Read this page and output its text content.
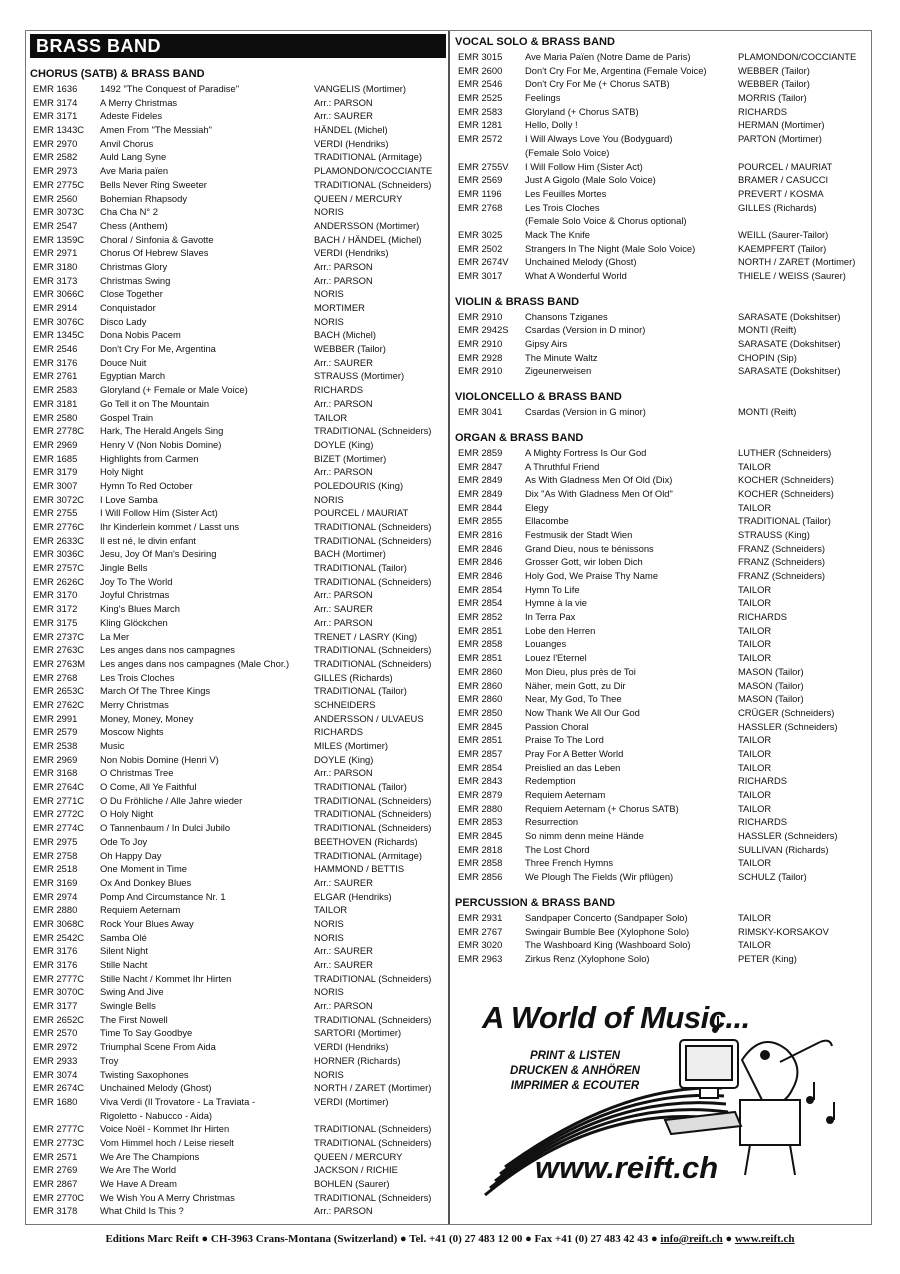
BRASS BAND
CHORUS (SATB) & BRASS BAND
EMR 1636	1492 "The Conquest of Paradise"	VANGELIS (Mortimer)
EMR 3174	A Merry Christmas	Arr.: PARSON
EMR 3171	Adeste Fideles	Arr.: SAURER
EMR 1343C	Amen From "The Messiah"	HÄNDEL (Michel)
EMR 2970	Anvil Chorus	VERDI (Hendriks)
EMR 2582	Auld Lang Syne	TRADITIONAL (Armitage)
EMR 2973	Ave Maria païen	PLAMONDON/COCCIANTE
EMR 2775C	Bells Never Ring Sweeter	TRADITIONAL (Schneiders)
EMR 2560	Bohemian Rhapsody	QUEEN / MERCURY
EMR 3073C	Cha Cha N° 2	NORIS
EMR 2547	Chess (Anthem)	ANDERSSON (Mortimer)
EMR 1359C	Choral / Sinfonia & Gavotte	BACH / HÄNDEL (Michel)
EMR 2971	Chorus Of Hebrew Slaves	VERDI (Hendriks)
EMR 3180	Christmas Glory	Arr.: PARSON
EMR 3173	Christmas Swing	Arr.: PARSON
EMR 3066C	Close Together	NORIS
EMR 2914	Conquistador	MORTIMER
EMR 3076C	Disco Lady	NORIS
EMR 1345C	Dona Nobis Pacem	BACH (Michel)
EMR 2546	Don't Cry For Me, Argentina	WEBBER (Tailor)
EMR 3176	Douce Nuit	Arr.: SAURER
EMR 2761	Egyptian March	STRAUSS (Mortimer)
EMR 2583	Gloryland (+ Female or Male Voice)	RICHARDS
EMR 3181	Go Tell it on The Mountain	Arr.: PARSON
EMR 2580	Gospel Train	TAILOR
EMR 2778C	Hark, The Herald Angels Sing	TRADITIONAL (Schneiders)
EMR 2969	Henry V (Non Nobis Domine)	DOYLE (King)
EMR 1685	Highlights from Carmen	BIZET (Mortimer)
EMR 3179	Holy Night	Arr.: PARSON
EMR 3007	Hymn To Red October	POLEDOURIS (King)
EMR 3072C	I Love Samba	NORIS
EMR 2755	I Will Follow Him (Sister Act)	POURCEL / MAURIAT
EMR 2776C	Ihr Kinderlein kommet / Lasst uns	TRADITIONAL (Schneiders)
EMR 2633C	Il est né, le divin enfant	TRADITIONAL (Schneiders)
EMR 3036C	Jesu, Joy Of Man's Desiring	BACH (Mortimer)
EMR 2757C	Jingle Bells	TRADITIONAL (Tailor)
EMR 2626C	Joy To The World	TRADITIONAL (Schneiders)
EMR 3170	Joyful Christmas	Arr.: PARSON
EMR 3172	King's Blues March	Arr.: SAURER
EMR 3175	Kling Glöckchen	Arr.: PARSON
EMR 2737C	La Mer	TRENET / LASRY (King)
EMR 2763C	Les anges dans nos campagnes	TRADITIONAL (Schneiders)
EMR 2763M	Les anges dans nos campagnes (Male Chor.)	TRADITIONAL (Schneiders)
EMR 2768	Les Trois Cloches	GILLES (Richards)
EMR 2653C	March Of The Three Kings	TRADITIONAL (Tailor)
EMR 2762C	Merry Christmas	SCHNEIDERS
EMR 2991	Money, Money, Money	ANDERSSON / ULVAEUS
EMR 2579	Moscow Nights	RICHARDS
EMR 2538	Music	MILES (Mortimer)
EMR 2969	Non Nobis Domine (Henri V)	DOYLE (King)
EMR 3168	O Christmas Tree	Arr.: PARSON
EMR 2764C	O Come, All Ye Faithful	TRADITIONAL (Tailor)
EMR 2771C	O Du Fröhliche / Alle Jahre wieder	TRADITIONAL (Schneiders)
EMR 2772C	O Holy Night	TRADITIONAL (Schneiders)
EMR 2774C	O Tannenbaum / In Dulci Jubilo	TRADITIONAL (Schneiders)
EMR 2975	Ode To Joy	BEETHOVEN (Richards)
EMR 2758	Oh Happy Day	TRADITIONAL (Armitage)
EMR 2518	One Moment in Time	HAMMOND / BETTIS
EMR 3169	Ox And Donkey Blues	Arr.: SAURER
EMR 2974	Pomp And Circumstance Nr. 1	ELGAR (Hendriks)
EMR 2880	Requiem Aeternam	TAILOR
EMR 3068C	Rock Your Blues Away	NORIS
EMR 2542C	Samba Olé	NORIS
EMR 3176	Silent Night	Arr.: SAURER
EMR 3176	Stille Nacht	Arr.: SAURER
EMR 2777C	Stille Nacht / Kommet Ihr Hirten	TRADITIONAL (Schneiders)
EMR 3070C	Swing And Jive	NORIS
EMR 3177	Swingle Bells	Arr.: PARSON
EMR 2652C	The First Nowell	TRADITIONAL (Schneiders)
EMR 2570	Time To Say Goodbye	SARTORI (Mortimer)
EMR 2972	Triumphal Scene From Aida	VERDI (Hendriks)
EMR 2933	Troy	HORNER (Richards)
EMR 3074	Twisting Saxophones	NORIS
EMR 2674C	Unchained Melody (Ghost)	NORTH / ZARET (Mortimer)
EMR 1680	Viva Verdi (Il Trovatore - La Traviata -	VERDI (Mortimer)
Rigoletto - Nabucco - Aida)
EMR 2777C	Voice Noël - Kommet Ihr Hirten	TRADITIONAL (Schneiders)
EMR 2773C	Vom Himmel hoch / Leise rieselt	TRADITIONAL (Schneiders)
EMR 2571	We Are The Champions	QUEEN / MERCURY
EMR 2769	We Are The World	JACKSON / RICHIE
EMR 2867	We Have A Dream	BOHLEN (Saurer)
EMR 2770C	We Wish You A Merry Christmas	TRADITIONAL (Schneiders)
EMR 3178	What Child Is This ?	Arr.: PARSON
VOCAL SOLO & BRASS BAND
EMR 3015	Ave Maria Païen (Notre Dame de Paris)	PLAMONDON/COCCIANTE
EMR 2600	Don't Cry For Me, Argentina (Female Voice)	WEBBER (Tailor)
EMR 2546	Don't Cry For Me (+ Chorus SATB)	WEBBER (Tailor)
EMR 2525	Feelings	MORRIS (Tailor)
EMR 2583	Gloryland (+ Chorus SATB)	RICHARDS
EMR 1281	Hello, Dolly !	HERMAN (Mortimer)
EMR 2572	I Will Always Love You (Bodyguard)	PARTON (Mortimer)
(Female Solo Voice)
EMR 2755V	I Will Follow Him (Sister Act)	POURCEL / MAURIAT
EMR 2569	Just A Gigolo (Male Solo Voice)	BRAMER / CASUCCI
EMR 1196	Les Feuilles Mortes	PREVERT / KOSMA
EMR 2768	Les Trois Cloches	GILLES (Richards)
(Female Solo Voice & Chorus optional)
EMR 3025	Mack The Knife	WEILL (Saurer-Tailor)
EMR 2502	Strangers In The Night (Male Solo Voice)	KAEMPFERT (Tailor)
EMR 2674V	Unchained Melody (Ghost)	NORTH / ZARET (Mortimer)
EMR 3017	What A Wonderful World	THIELE / WEISS (Saurer)
VIOLIN & BRASS BAND
EMR 2910	Chansons Tziganes	SARASATE (Dokshitser)
EMR 2942S	Csardas (Version in D minor)	MONTI (Reift)
EMR 2910	Gipsy Airs	SARASATE (Dokshitser)
EMR 2928	The Minute Waltz	CHOPIN (Sip)
EMR 2910	Zigeunerweisen	SARASATE (Dokshitser)
VIOLONCELLO & BRASS BAND
EMR 3041	Csardas (Version in G minor)	MONTI (Reift)
ORGAN & BRASS BAND
EMR 2859	A Mighty Fortress Is Our God	LUTHER (Schneiders)
EMR 2847	A Thruthful Friend	TAILOR
EMR 2849	As With Gladness Men Of Old (Dix)	KOCHER (Schneiders)
EMR 2849	Dix "As With Gladness Men Of Old"	KOCHER (Schneiders)
EMR 2844	Elegy	TAILOR
EMR 2855	Ellacombe	TRADITIONAL (Tailor)
EMR 2816	Festmusik der Stadt Wien	STRAUSS (King)
EMR 2846	Grand Dieu, nous te bénissons	FRANZ (Schneiders)
EMR 2846	Grosser Gott, wir loben Dich	FRANZ (Schneiders)
EMR 2846	Holy God, We Praise Thy Name	FRANZ (Schneiders)
EMR 2854	Hymn To Life	TAILOR
EMR 2854	Hymne à la vie	TAILOR
EMR 2852	In Terra Pax	RICHARDS
EMR 2851	Lobe den Herren	TAILOR
EMR 2858	Louanges	TAILOR
EMR 2851	Louez l'Eternel	TAILOR
EMR 2860	Mon Dieu, plus près de Toi	MASON (Tailor)
EMR 2860	Näher, mein Gott, zu Dir	MASON (Tailor)
EMR 2860	Near, My God, To Thee	MASON (Tailor)
EMR 2850	Now Thank We All Our God	CRÜGER (Schneiders)
EMR 2845	Passion Choral	HASSLER (Schneiders)
EMR 2851	Praise To The Lord	TAILOR
EMR 2857	Pray For A Better World	TAILOR
EMR 2854	Preislied an das Leben	TAILOR
EMR 2843	Redemption	RICHARDS
EMR 2879	Requiem Aeternam	TAILOR
EMR 2880	Requiem Aeternam (+ Chorus SATB)	TAILOR
EMR 2853	Resurrection	RICHARDS
EMR 2845	So nimm denn meine Hände	HASSLER (Schneiders)
EMR 2818	The Lost Chord	SULLIVAN (Richards)
EMR 2858	Three French Hymns	TAILOR
EMR 2856	We Plough The Fields (Wir pflügen)	SCHULZ (Tailor)
PERCUSSION & BRASS BAND
EMR 2931	Sandpaper Concerto (Sandpaper Solo)	TAILOR
EMR 2767	Swingair Bumble Bee (Xylophone Solo)	RIMSKY-KORSAKOV
EMR 3020	The Washboard King (Washboard Solo)	TAILOR
EMR 2963	Zirkus Renz (Xylophone Solo)	PETER (King)
A World of Music...
PRINT & LISTEN
DRUCKEN & ANHÖREN
IMPRIMER & ECOUTER
www.reift.ch
Editions Marc Reift ● CH-3963 Crans-Montana (Switzerland) ● Tel. +41 (0) 27 483 12 00 ● Fax +41 (0) 27 483 42 43 ● info@reift.ch ● www.reift.ch
